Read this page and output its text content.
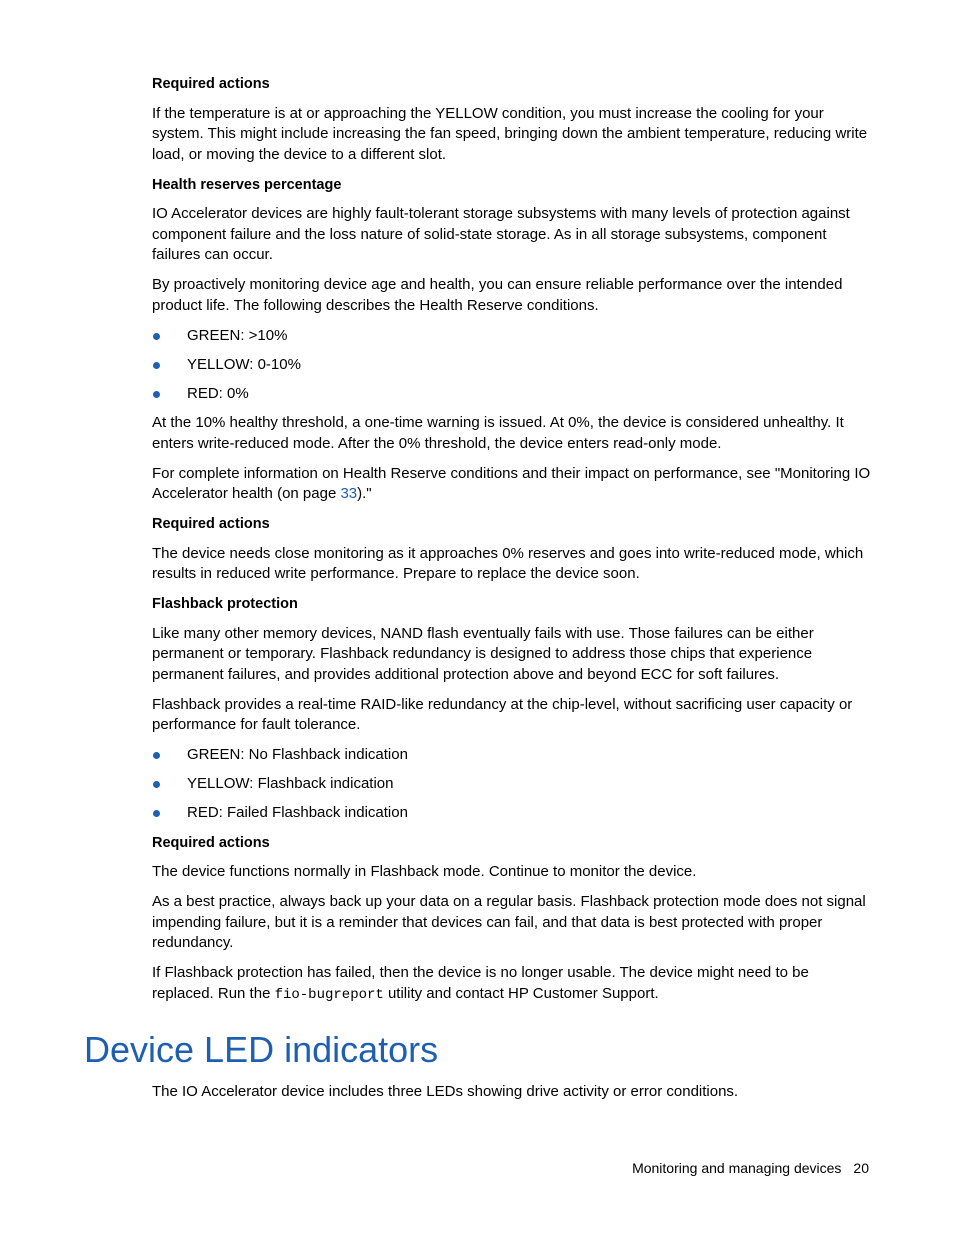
Required actions

If the temperature is at or approaching the YELLOW condition, you must increase the cooling for your system. This might include increasing the fan speed, bringing down the ambient temperature, reducing write load, or moving the device to a different slot.

Health reserves percentage

IO Accelerator devices are highly fault-tolerant storage subsystems with many levels of protection against component failure and the loss nature of solid-state storage. As in all storage subsystems, component failures can occur.

By proactively monitoring device age and health, you can ensure reliable performance over the intended product life. The following describes the Health Reserve conditions.

GREEN: >10%
YELLOW: 0-10%
RED: 0%

At the 10% healthy threshold, a one-time warning is issued. At 0%, the device is considered unhealthy. It enters write-reduced mode. After the 0% threshold, the device enters read-only mode.

For complete information on Health Reserve conditions and their impact on performance, see "Monitoring IO Accelerator health (on page 33)."

Required actions

The device needs close monitoring as it approaches 0% reserves and goes into write-reduced mode, which results in reduced write performance. Prepare to replace the device soon.

Flashback protection

Like many other memory devices, NAND flash eventually fails with use. Those failures can be either permanent or temporary. Flashback redundancy is designed to address those chips that experience permanent failures, and provides additional protection above and beyond ECC for soft failures.

Flashback provides a real-time RAID-like redundancy at the chip-level, without sacrificing user capacity or performance for fault tolerance.

GREEN: No Flashback indication
YELLOW: Flashback indication
RED: Failed Flashback indication
Required actions

The device functions normally in Flashback mode. Continue to monitor the device.

As a best practice, always back up your data on a regular basis. Flashback protection mode does not signal impending failure, but it is a reminder that devices can fail, and that data is best protected with proper redundancy.

If Flashback protection has failed, then the device is no longer usable. The device might need to be replaced. Run the fio-bugreport utility and contact HP Customer Support.

Device LED indicators

The IO Accelerator device includes three LEDs showing drive activity or error conditions.

Monitoring and managing devices 20
